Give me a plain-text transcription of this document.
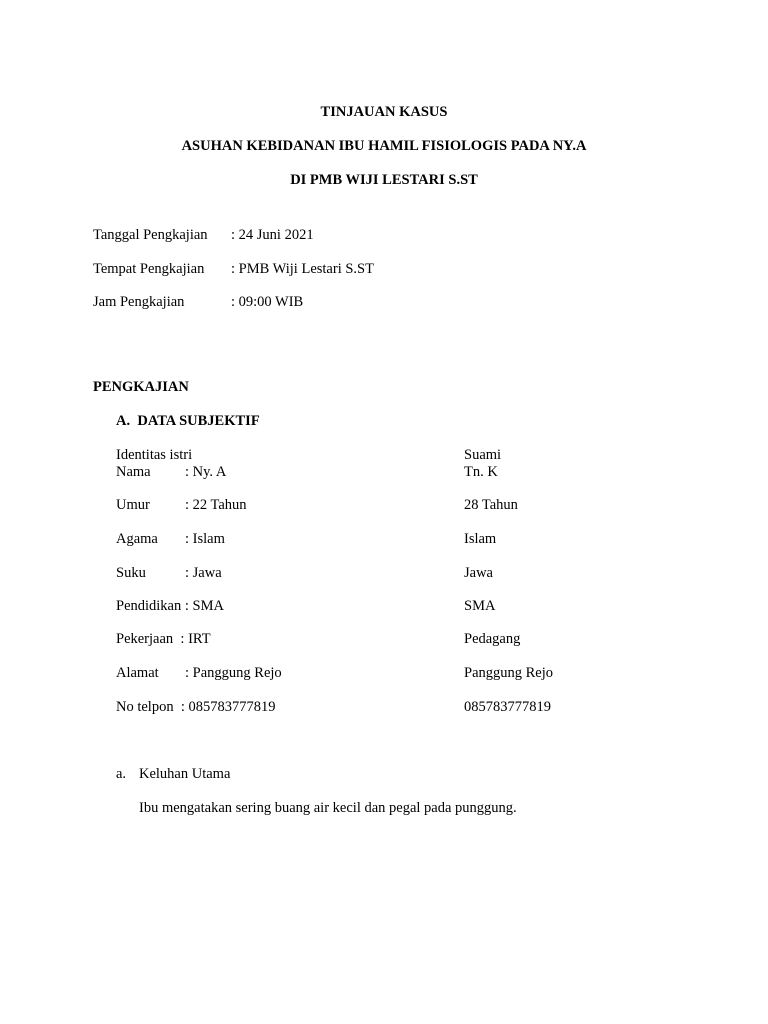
TINJAUAN KASUS
ASUHAN KEBIDANAN IBU HAMIL FISIOLOGIS PADA NY.A
DI PMB WIJI LESTARI S.ST
Tanggal Pengkajian : 24 Juni 2021
Tempat Pengkajian : PMB Wiji Lestari S.ST
Jam Pengkajian	: 09:00 WIB
PENGKAJIAN
A.  DATA SUBJEKTIF
Identitas istri	Suami
Nama : Ny. A	Tn. K
Umur : 22 Tahun	28 Tahun
Agama : Islam	Islam
Suku	: Jawa	Jawa
Pendidikan : SMA	SMA
Pekerjaan : IRT	Pedagang
Alamat : Panggung Rejo	Panggung Rejo
No telpon : 085783777819	085783777819
a. Keluhan Utama
Ibu mengatakan sering buang air kecil dan pegal pada punggung.
